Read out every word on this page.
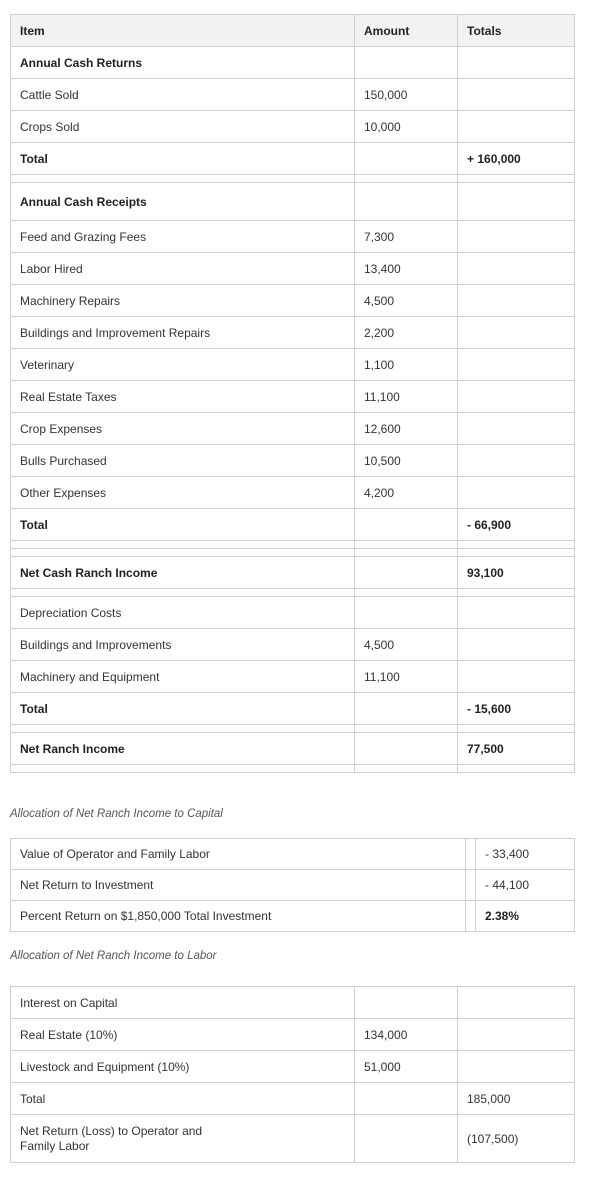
Item	Amount	Totals
Annual Cash Returns		
Cattle Sold	150,000	
Crops Sold	10,000	
Total		+ 160,000

Annual Cash Receipts		
Feed and Grazing Fees	7,300	
Labor Hired	13,400	
Machinery Repairs	4,500	
Buildings and Improvement Repairs	2,200	
Veterinary	1,100	
Real Estate Taxes	11,100	
Crop Expenses	12,600	
Bulls Purchased	10,500	
Other Expenses	4,200	
Total		- 66,900

Net Cash Ranch Income		93,100

Depreciation Costs		
Buildings and Improvements	4,500	
Machinery and Equipment	11,100	
Total		- 15,600

Net Ranch Income		77,500

Allocation of Net Ranch Income to Capital
Value of Operator and Family Labor		- 33,400
Net Return to Investment		- 44,100
Percent Return on $1,850,000 Total Investment		2.38%
Allocation of Net Ranch Income to Labor
Interest on Capital		
Real Estate (10%)	134,000	
Livestock and Equipment (10%)	51,000	
Total		185,000
Net Return (Loss) to Operator and Family Labor		(107,500)
